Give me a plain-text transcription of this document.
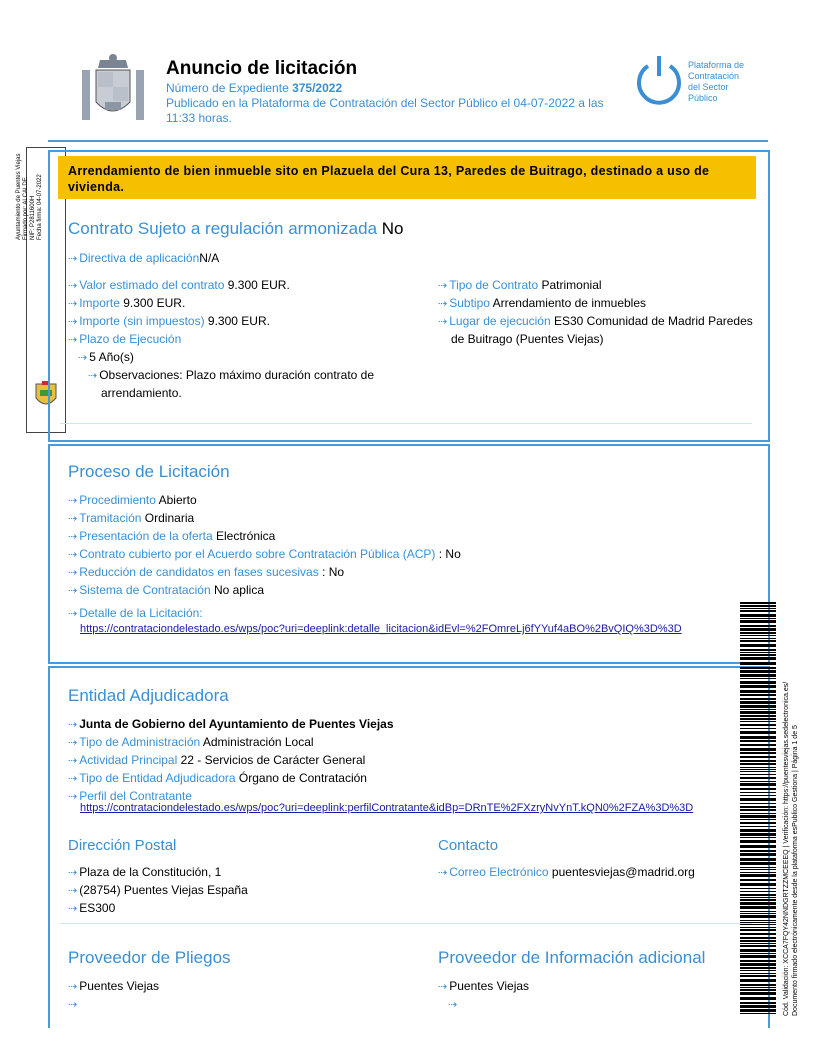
Anuncio de licitación
Número de Expediente 375/2022
Publicado en la Plataforma de Contratación del Sector Público el 04-07-2022 a las 11:33 horas.
Plataforma de
Contratación
del Sector
Público
Ayuntamiento de Puentes Viejas Firmado por: ALCALDE NIF: P2811600H Fecha firma: 04-07-2022
Arrendamiento de bien inmueble sito en Plazuela del Cura 13, Paredes de Buitrago, destinado a uso de vivienda.
Contrato Sujeto a regulación armonizada No
⇢ Directiva de aplicaciónN/A
⇢ Valor estimado del contrato 9.300 EUR.
⇢ Importe 9.300 EUR.
⇢ Importe (sin impuestos) 9.300 EUR.
⇢ Plazo de Ejecución
⇢ 5 Año(s)
⇢ Observaciones: Plazo máximo duración contrato de
arrendamiento.
⇢ Tipo de Contrato Patrimonial
⇢ Subtipo Arrendamiento de inmuebles
⇢ Lugar de ejecución ES30 Comunidad de Madrid Paredes
de Buitrago (Puentes Viejas)
Proceso de Licitación
⇢ Procedimiento Abierto
⇢ Tramitación Ordinaria
⇢ Presentación de la oferta Electrónica
⇢ Contrato cubierto por el Acuerdo sobre Contratación Pública (ACP) : No
⇢ Reducción de candidatos en fases sucesivas : No
⇢ Sistema de Contratación No aplica
⇢ Detalle de la Licitación:
https://contrataciondelestado.es/wps/poc?uri=deeplink:detalle_licitacion&idEvl=%2FOmreLj6fYYuf4aBO%2BvQIQ%3D%3D
Entidad Adjudicadora
⇢ Junta de Gobierno del Ayuntamiento de Puentes Viejas
⇢ Tipo de Administración Administración Local
⇢ Actividad Principal 22 - Servicios de Carácter General
⇢ Tipo de Entidad Adjudicadora Órgano de Contratación
⇢ Perfil del Contratante
https://contrataciondelestado.es/wps/poc?uri=deeplink:perfilContratante&idBp=DRnTE%2FXzryNvYnT.kQN0%2FZA%3D%3D
Dirección Postal
⇢ Plaza de la Constitución, 1
⇢ (28754) Puentes Viejas España
⇢ ES300
Contacto
⇢ Correo Electrónico puentesviejas@madrid.org
Proveedor de Pliegos
⇢ Puentes Viejas
⇢
Proveedor de Información adicional
⇢ Puentes Viejas
⇢	Cód. Validación: XCCA7FQY42NNDGRTZZMCEEEQ | Verificación: https://puentesviejas.sedelectronica.es/ Documento firmado electrónicamente desde la plataforma esPublico Gestiona | Página 1 de 5
